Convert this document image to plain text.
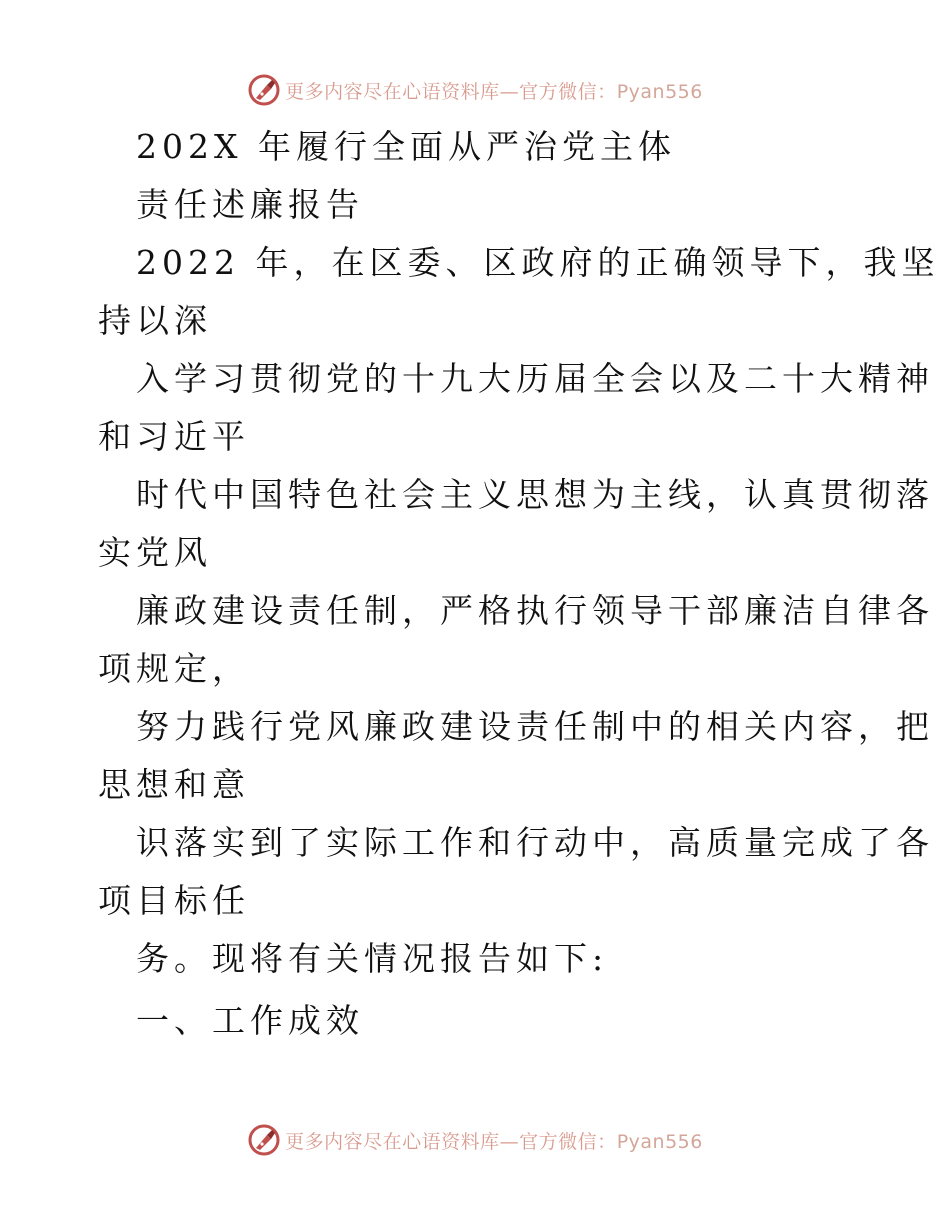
更多内容尽在心语资料库—官方微信：Pyan556
202X 年履行全面从严治党主体
责任述廉报告
2022 年，在区委、区政府的正确领导下，我坚
持以深
入学习贯彻党的十九大历届全会以及二十大精神
和习近平
时代中国特色社会主义思想为主线，认真贯彻落
实党风
廉政建设责任制，严格执行领导干部廉洁自律各
项规定，
努力践行党风廉政建设责任制中的相关内容，把
思想和意
识落实到了实际工作和行动中，高质量完成了各
项目标任
务。现将有关情况报告如下:
一、工作成效
更多内容尽在心语资料库—官方微信：Pyan556
